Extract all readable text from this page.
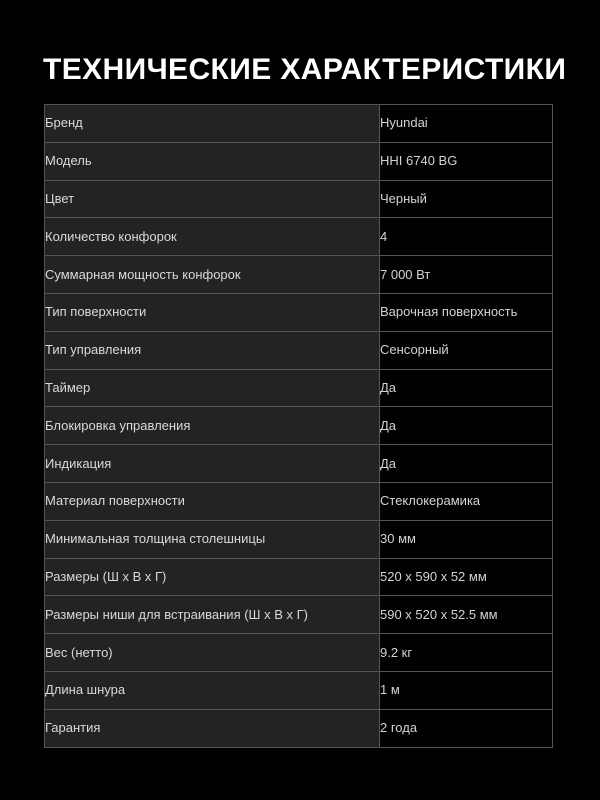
ТЕХНИЧЕСКИЕ ХАРАКТЕРИСТИКИ
Бренд	Hyundai
Модель	HHI 6740 BG
Цвет	Черный
Количество конфорок	4
Суммарная мощность конфорок	7 000 Вт
Тип поверхности	Варочная поверхность
Тип управления	Сенсорный
Таймер	Да
Блокировка управления	Да
Индикация	Да
Материал поверхности	Стеклокерамика
Минимальная толщина столешницы	30 мм
Размеры (Ш х В х Г)	520 x 590 x 52 мм
Размеры ниши для встраивания (Ш х В х Г)	590 x 520 x 52.5 мм
Вес (нетто)	9.2 кг
Длина шнура	1 м
Гарантия	2 года
